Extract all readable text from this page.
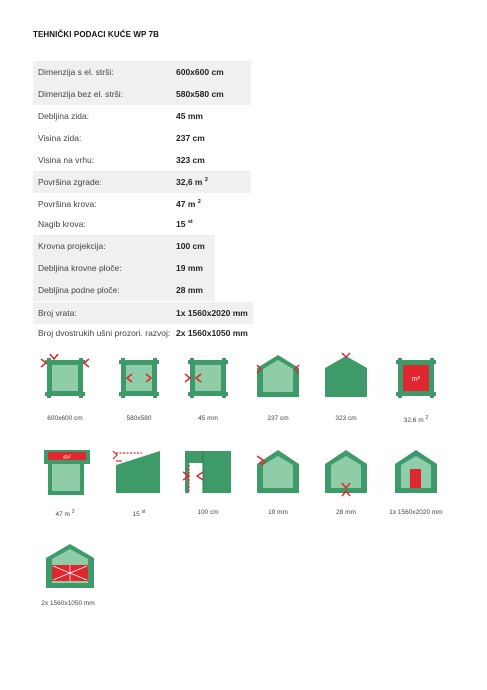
TEHNIČKI PODACI KUĆE WP 7B
Dimenzija s el. strši:	600x600 cm
Dimenzija bez el. strši:	580x580 cm
Debljina zida:	45 mm
Visina zida:	237 cm
Visina na vrhu:	323 cm
Površina zgrade:	32,6 m $^2$
Površina krova:	47 m $^2$
Nagib krova:	15 $^{st}$
Krovna projekcija:	100 cm
Debljina krovne ploče:	19 mm
Debljina podne ploče:	28 mm
Broj vrata:	1x 1560x2020 mm
Broj dvostrukih ušni prozori. razvoj: 2x 1560x1050 mm
m²
600x600 cm	580x580	45 mm	237 cm	323 cm	32,6 m $^2$
m²
47 m $^2$	15 $^{st}$	100 cm	19 mm	28 mm	1x 1560x2020 mm
2x 1560x1050 mm
